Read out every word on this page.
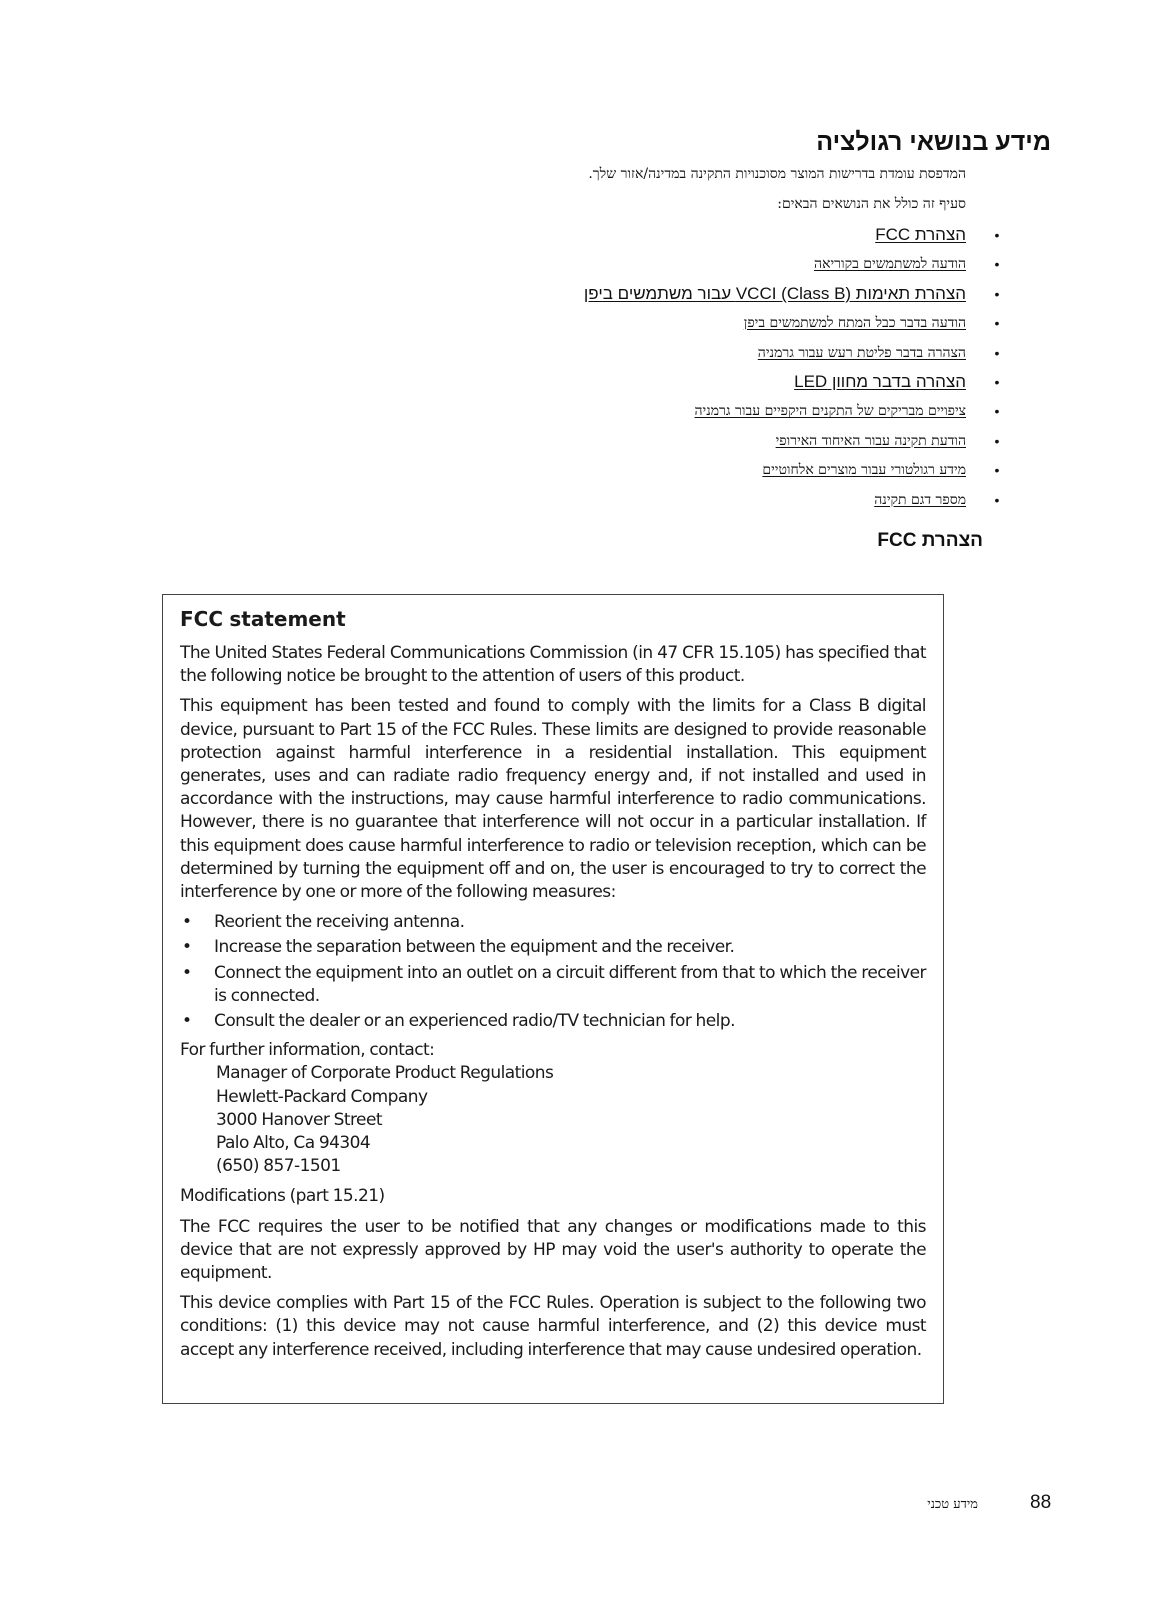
מידע בנושאי רגולציה

המדפסת עומדת בדרישות המוצר מסוכנויות התקינה במדינה/אזור שלך.

סעיף זה כולל את הנושאים הבאים:

•
הצהרת FCC
•
הודעה למשתמשים בקוריאה
•
הצהרת תאימות VCCI (Class B) עבור משתמשים ביפן
•
הודעה בדבר כבל המתח למשתמשים ביפן
•
הצהרה בדבר פליטת רעש עבור גרמניה
•
הצהרה בדבר מחוון LED
•
ציפויים מבריקים של התקנים היקפיים עבור גרמניה
•
הודעת תקינה עבור האיחוד האירופי
•
מידע רגולטורי עבור מוצרים אלחוטיים
•
מספר דגם תקינה
הצהרת FCC
FCC statement

The United States Federal Communications Commission (in 47 CFR 15.105) has specified that the following notice be brought to the attention of users of this product.

This equipment has been tested and found to comply with the limits for a Class B digital device, pursuant to Part 15 of the FCC Rules. These limits are designed to provide reasonable protection against harmful interference in a residential installation. This equipment generates, uses and can radiate radio frequency energy and, if not installed and used in accordance with the instructions, may cause harmful interference to radio communications. However, there is no guarantee that interference will not occur in a particular installation. If this equipment does cause harmful interference to radio or television reception, which can be determined by turning the equipment off and on, the user is encouraged to try to correct the interference by one or more of the following measures:

• Reorient the receiving antenna.
• Increase the separation between the equipment and the receiver.
• Connect the equipment into an outlet on a circuit different from that to which the receiver is connected.
• Consult the dealer or an experienced radio/TV technician for help.

For further information, contact:

Manager of Corporate Product Regulations
Hewlett-Packard Company
3000 Hanover Street
Palo Alto, Ca 94304
(650) 857-1501

Modifications (part 15.21)

The FCC requires the user to be notified that any changes or modifications made to this device that are not expressly approved by HP may void the user's authority to operate the equipment.

This device complies with Part 15 of the FCC Rules. Operation is subject to the following two conditions: (1) this device may not cause harmful interference, and (2) this device must accept any interference received, including interference that may cause undesired operation.

מידע טכני	88
